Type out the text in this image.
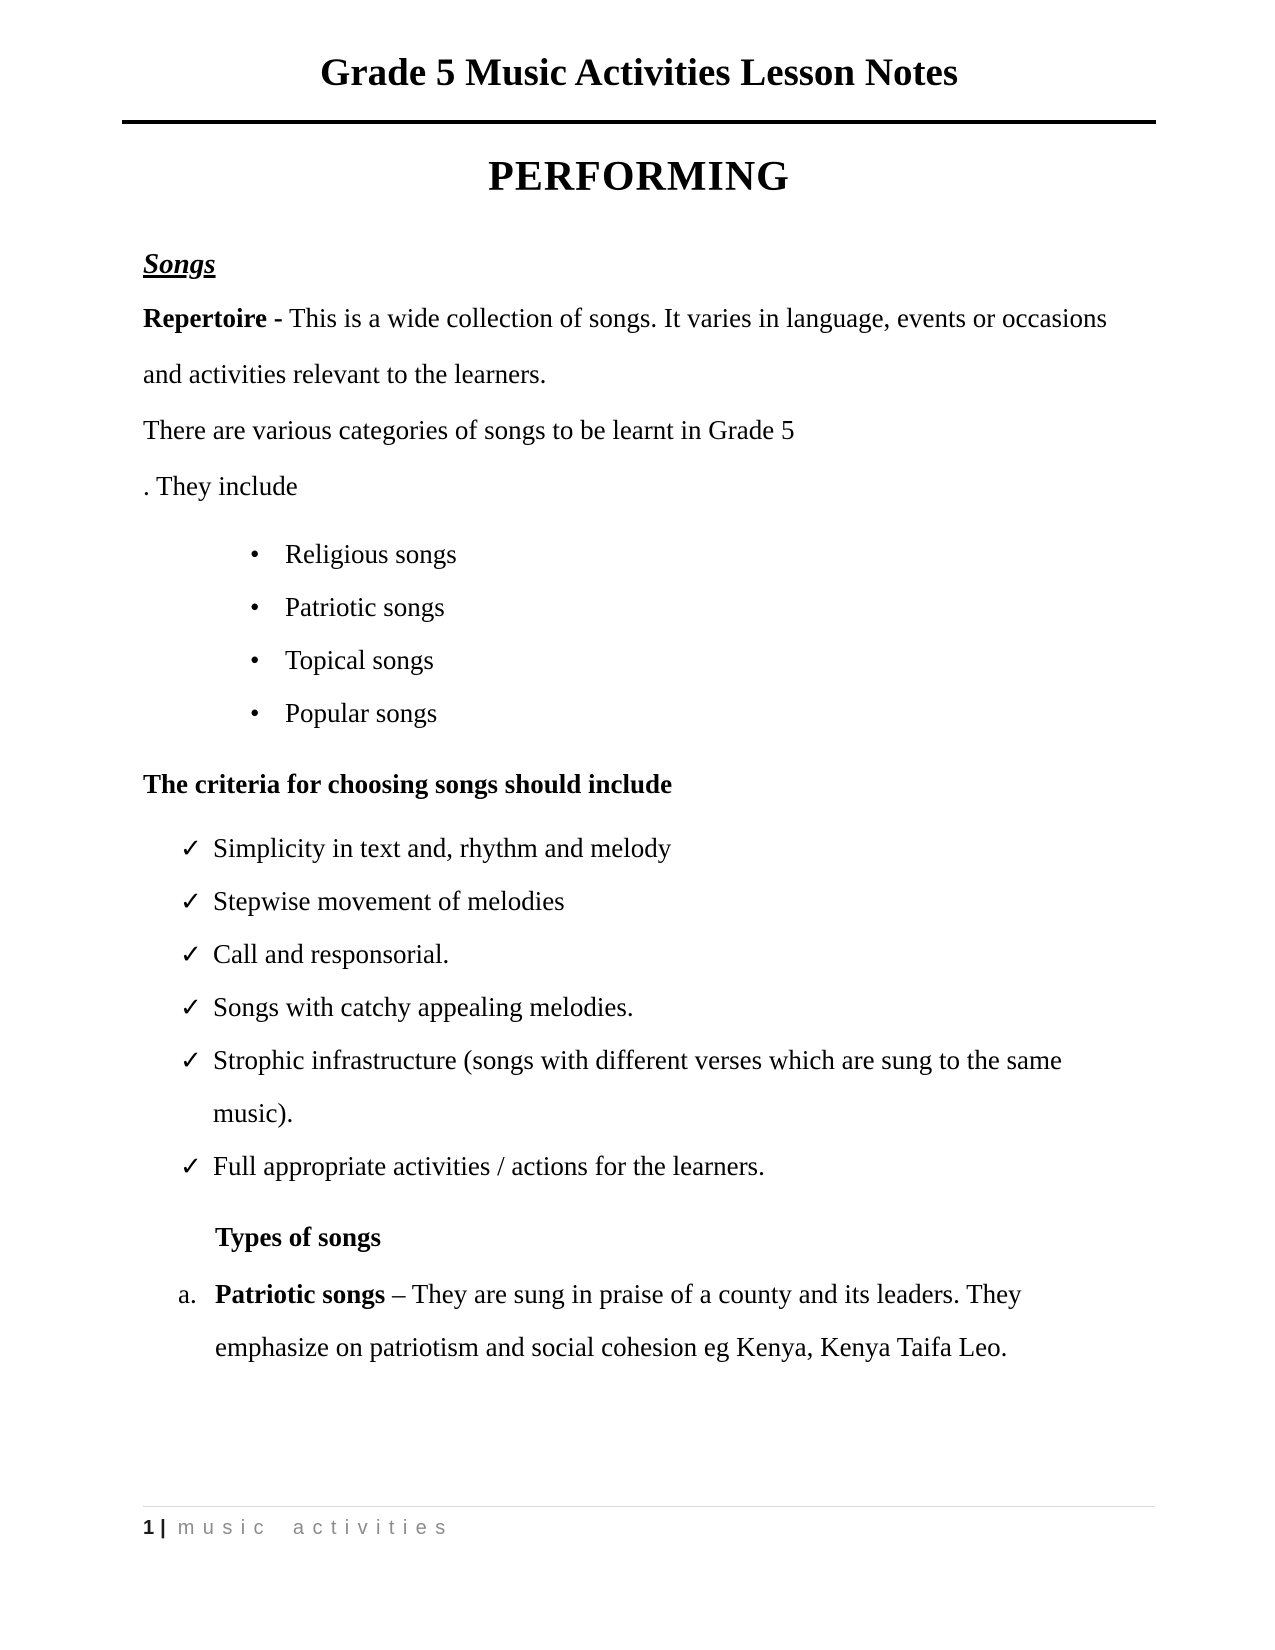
Grade 5 Music Activities Lesson Notes
PERFORMING
Songs

Repertoire - This is a wide collection of songs. It varies in language, events or occasions and activities relevant to the learners.

There are various categories of songs to be learnt in Grade 5

. They include

• Religious songs
• Patriotic songs
• Topical songs
• Popular songs

The criteria for choosing songs should include

✓ Simplicity in text and, rhythm and melody
✓ Stepwise movement of melodies
✓ Call and responsorial.
✓ Songs with catchy appealing melodies.
✓ Strophic infrastructure (songs with different verses which are sung to the same music).
✓ Full appropriate activities / actions for the learners.

Types of songs

a. Patriotic songs – They are sung in praise of a county and its leaders. They emphasize on patriotism and social cohesion eg Kenya, Kenya Taifa Leo.
1 | music activities
